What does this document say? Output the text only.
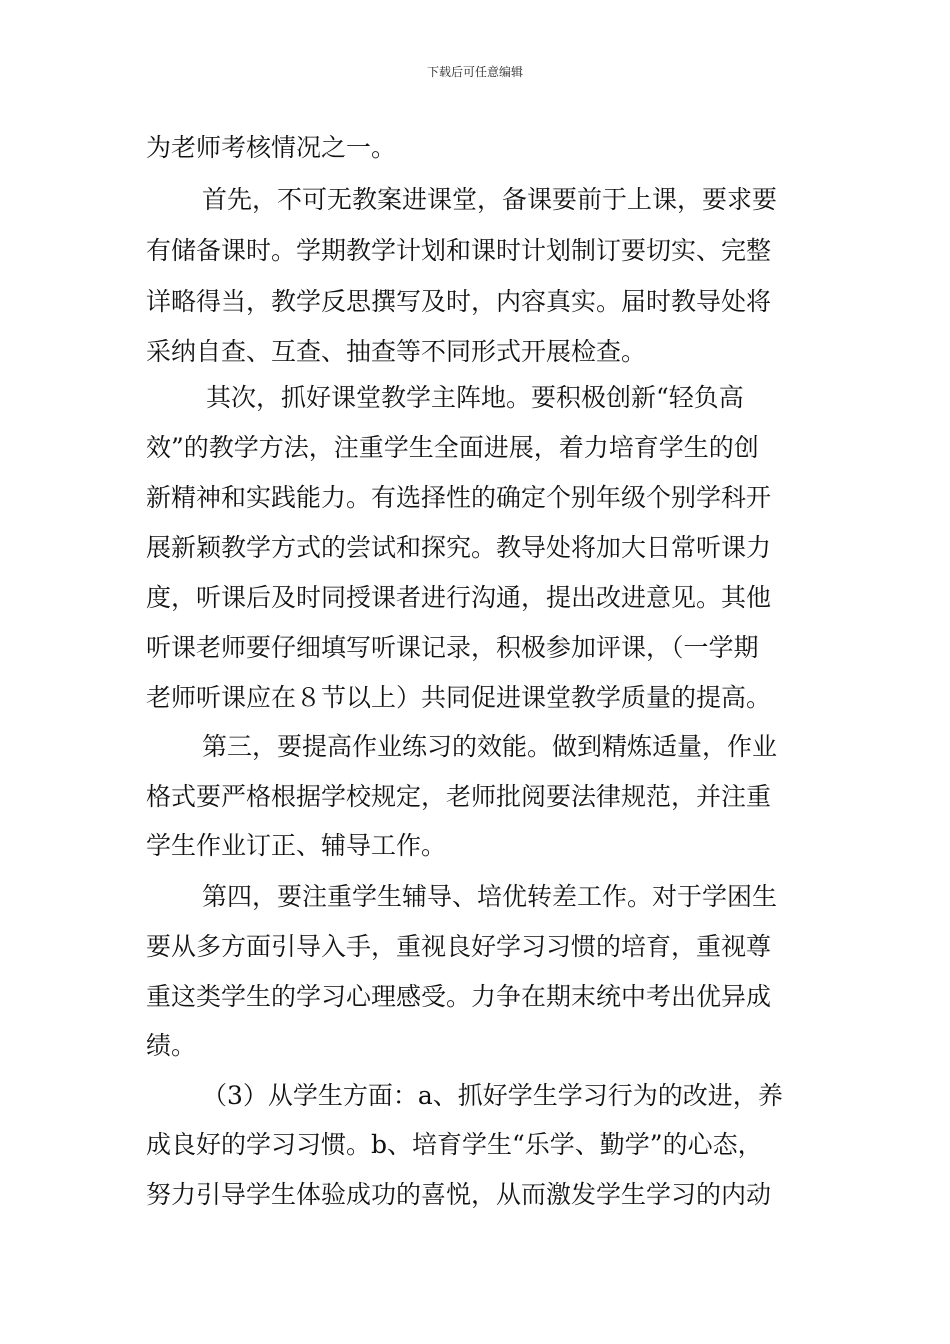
下载后可任意编辑
为老师考核情况之一。
首先，不可无教案进课堂，备课要前于上课，要求要
有储备课时。学期教学计划和课时计划制订要切实、完整
详略得当，教学反思撰写及时，内容真实。届时教导处将
采纳自查、互查、抽查等不同形式开展检查。
其次，抓好课堂教学主阵地。要积极创新“轻负高
效”的教学方法，注重学生全面进展，着力培育学生的创
新精神和实践能力。有选择性的确定个别年级个别学科开
展新颖教学方式的尝试和探究。教导处将加大日常听课力
度，听课后及时同授课者进行沟通，提出改进意见。其他
听课老师要仔细填写听课记录，积极参加评课，（一学期
老师听课应在８节以上）共同促进课堂教学质量的提高。
第三，要提高作业练习的效能。做到精炼适量，作业
格式要严格根据学校规定，老师批阅要法律规范，并注重
学生作业订正、辅导工作。
第四，要注重学生辅导、培优转差工作。对于学困生
要从多方面引导入手，重视良好学习习惯的培育，重视尊
重这类学生的学习心理感受。力争在期末统中考出优异成
绩。
（3）从学生方面：a、抓好学生学习行为的改进，养
成良好的学习习惯。b、培育学生“乐学、勤学”的心态，
努力引导学生体验成功的喜悦，从而激发学生学习的内动
